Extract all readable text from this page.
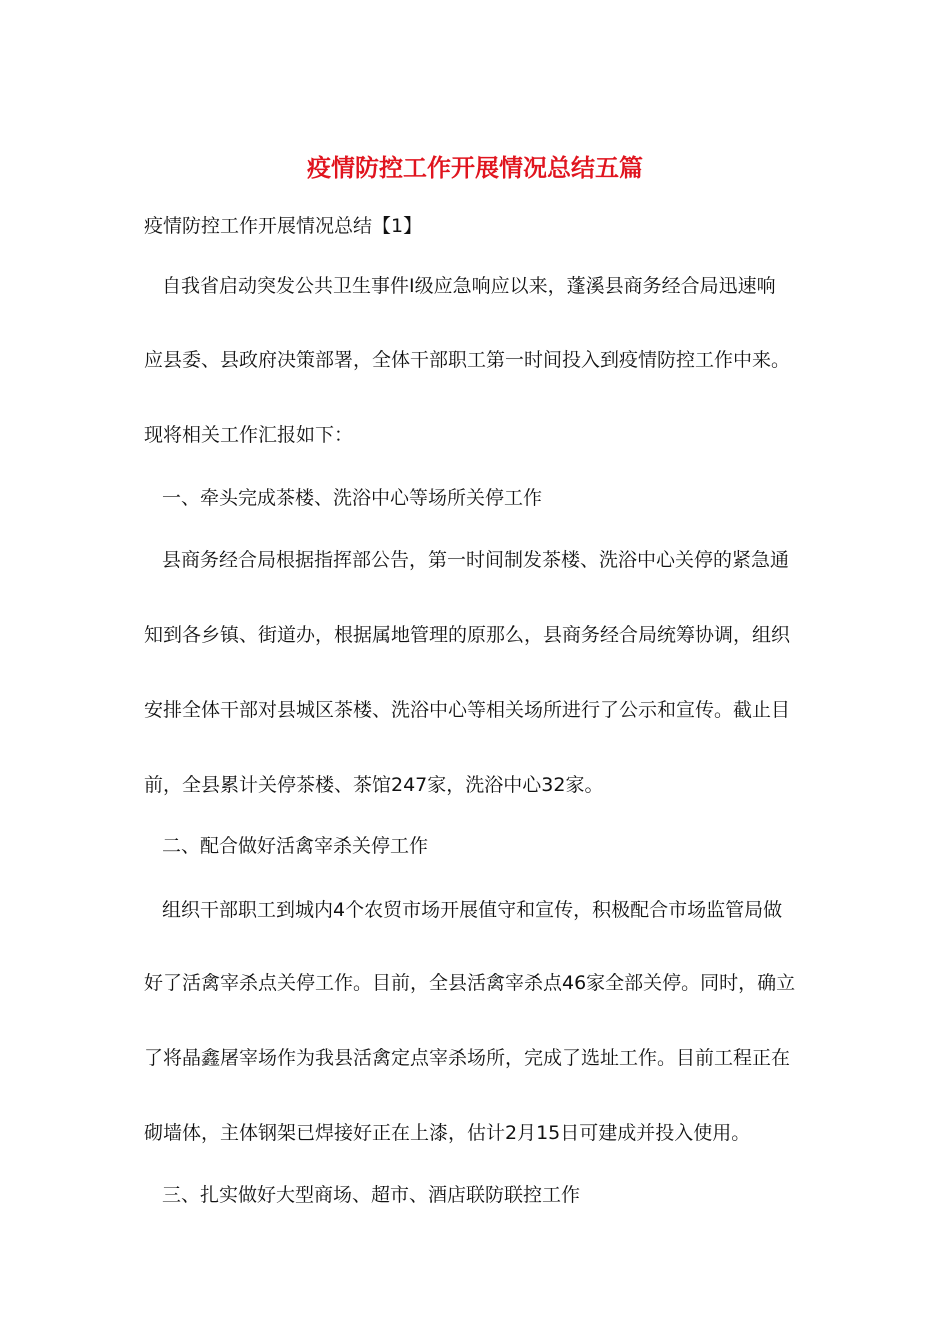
疫情防控工作开展情况总结五篇
疫情防控工作开展情况总结【1】
自我省启动突发公共卫生事件Ⅰ级应急响应以来，蓬溪县商务经合局迅速响
应县委、县政府决策部署，全体干部职工第一时间投入到疫情防控工作中来。
现将相关工作汇报如下：
一、牵头完成茶楼、洗浴中心等场所关停工作
县商务经合局根据指挥部公告，第一时间制发茶楼、洗浴中心关停的紧急通
知到各乡镇、街道办，根据属地管理的原那么，县商务经合局统筹协调，组织
安排全体干部对县城区茶楼、洗浴中心等相关场所进行了公示和宣传。截止目
前，全县累计关停茶楼、茶馆247家，洗浴中心32家。
二、配合做好活禽宰杀关停工作
组织干部职工到城内4个农贸市场开展值守和宣传，积极配合市场监管局做
好了活禽宰杀点关停工作。目前，全县活禽宰杀点46家全部关停。同时，确立
了将晶鑫屠宰场作为我县活禽定点宰杀场所，完成了选址工作。目前工程正在
砌墙体，主体钢架已焊接好正在上漆，估计2月15日可建成并投入使用。
三、扎实做好大型商场、超市、酒店联防联控工作
